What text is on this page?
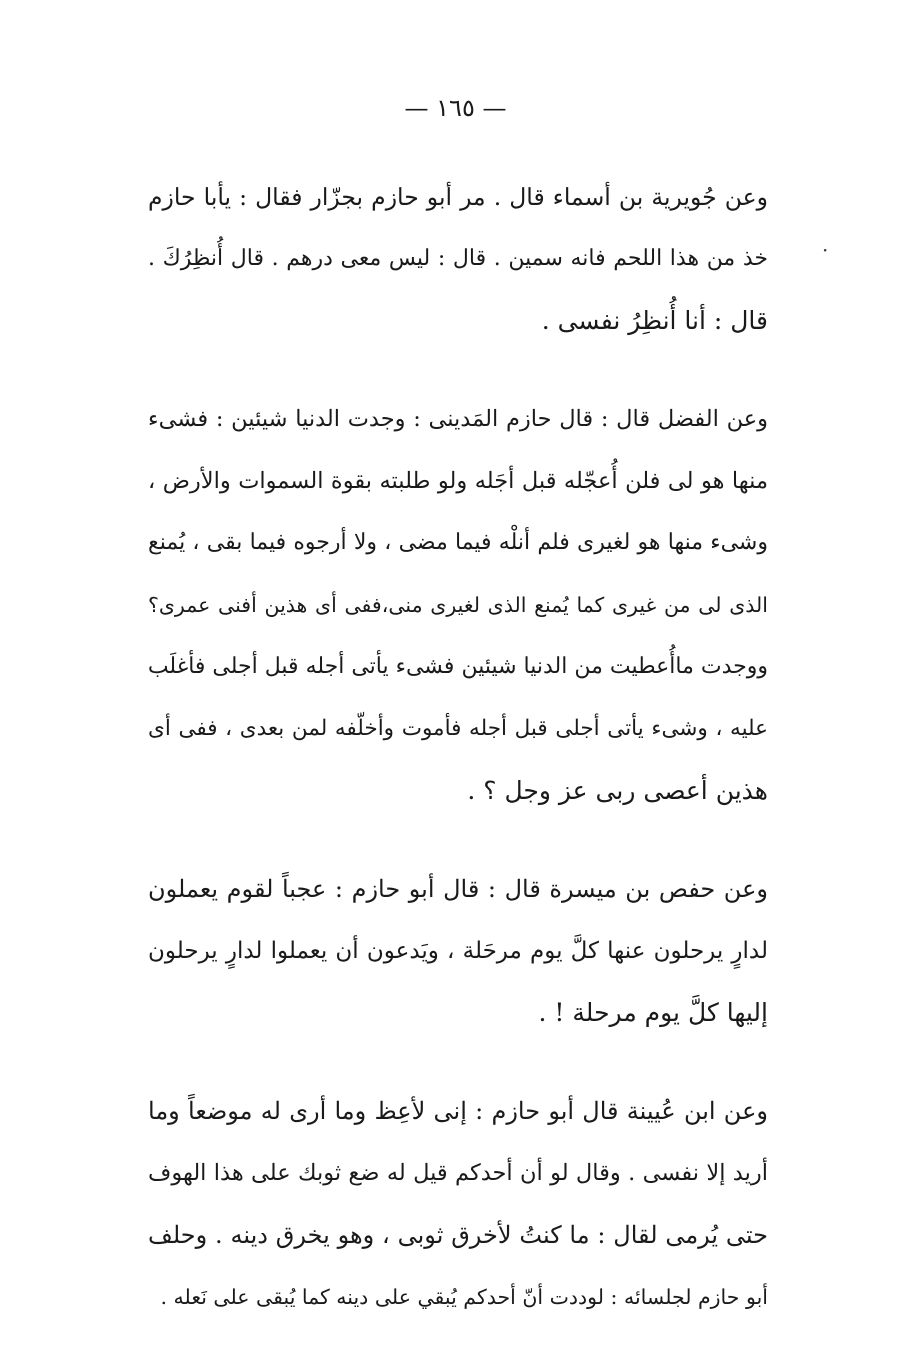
— ١٦٥ —
·
وعن جُويرية بن أسماء قال . مر أبو حازم بجزّار فقال : يأبا حازم
خذ من هذا اللحم فانه سمين . قال : ليس معى درهم . قال أُنظِرُكَ .
قال : أنا أُنظِرُ نفسى .
وعن الفضل قال : قال حازم المَدينى : وجدت الدنيا شيئين : فشىء
منها هو لى فلن أُعجّله قبل أجَله ولو طلبته بقوة السموات والأرض ،
وشىء منها هو لغيرى فلم أنلْه فيما مضى ، ولا أرجوه فيما بقى ، يُمنع
الذى لى من غيرى كما يُمنع الذى لغيرى منى،ففى أى هذين أفنى عمرى؟
ووجدت ماأُعطيت من الدنيا شيئين فشىء يأتى أجله قبل أجلى فأغلَب
عليه ، وشىء يأتى أجلى قبل أجله فأموت وأخلّفه لمن بعدى ، ففى أى
هذين أعصى ربى عز وجل ؟ .
وعن حفص بن ميسرة قال : قال أبو حازم : عجباً لقوم يعملون
لدارٍ يرحلون عنها كلَّ يوم مرحَلة ، ويَدعون أن يعملوا لدارٍ يرحلون
إليها كلَّ يوم مرحلة ! .
وعن ابن عُيينة قال أبو حازم : إنى لأعِظ وما أرى له موضعاً وما
أريد إلا نفسى . وقال لو أن أحدكم قيل له ضع ثوبك على هذا الهوف
حتى يُرمى لقال : ما كنتُ لأخرق ثوبى ، وهو يخرق دينه . وحلف
أبو حازم لجلسائه : لوددت أنّ أحدكم يُبقي على دينه كما يُبقى على نَعله .
